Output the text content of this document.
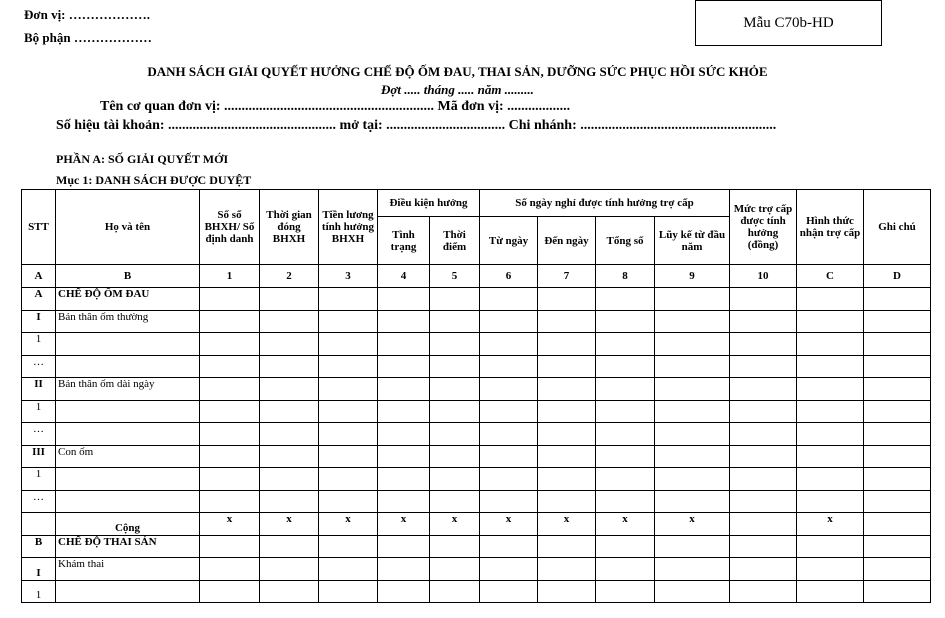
Đơn vị: ……………….
Bộ phận ………………
Mẫu C70b-HD
DANH SÁCH GIẢI QUYẾT HƯỞNG CHẾ ĐỘ ỐM ĐAU, THAI SẢN, DƯỠNG SỨC PHỤC HỒI SỨC KHỎE
Đợt ..... tháng ..... năm .........
Tên cơ quan đơn vị: ............................................................ Mã đơn vị: ..................
Số hiệu tài khoản: ................................................ mở tại: .................................. Chi nhánh: ........................................................
PHẦN A: SỐ GIẢI QUYẾT MỚI
Mục 1: DANH SÁCH ĐƯỢC DUYỆT
STT	Họ và tên	Số sổ BHXH/ Số định danh	Thời gian đóng BHXH	Tiền lương tính hưởng BHXH	Điều kiện hưởng		Số ngày nghỉ được tính hưởng trợ cấp				Mức trợ cấp được tính hưởng (đồng)	Hình thức nhận trợ cấp	Ghi chú
					Tình trạng	Thời điểm	Từ ngày	Đến ngày	Tổng số	Lũy kế từ đầu năm			
A	B	1	2	3	4	5	6	7	8	9	10	C	D
A	CHẾ ĐỘ ỐM ĐAU												
I	Bản thân ốm thường												
1													
…													
II	Bản thân ốm dài ngày												
1													
…													
III	Con ốm												
1													
…													
	Cộng	x	x	x	x	x	x	x	x	x		x	
B	CHẾ ĐỘ THAI SẢN												
I	Khám thai												
1													
